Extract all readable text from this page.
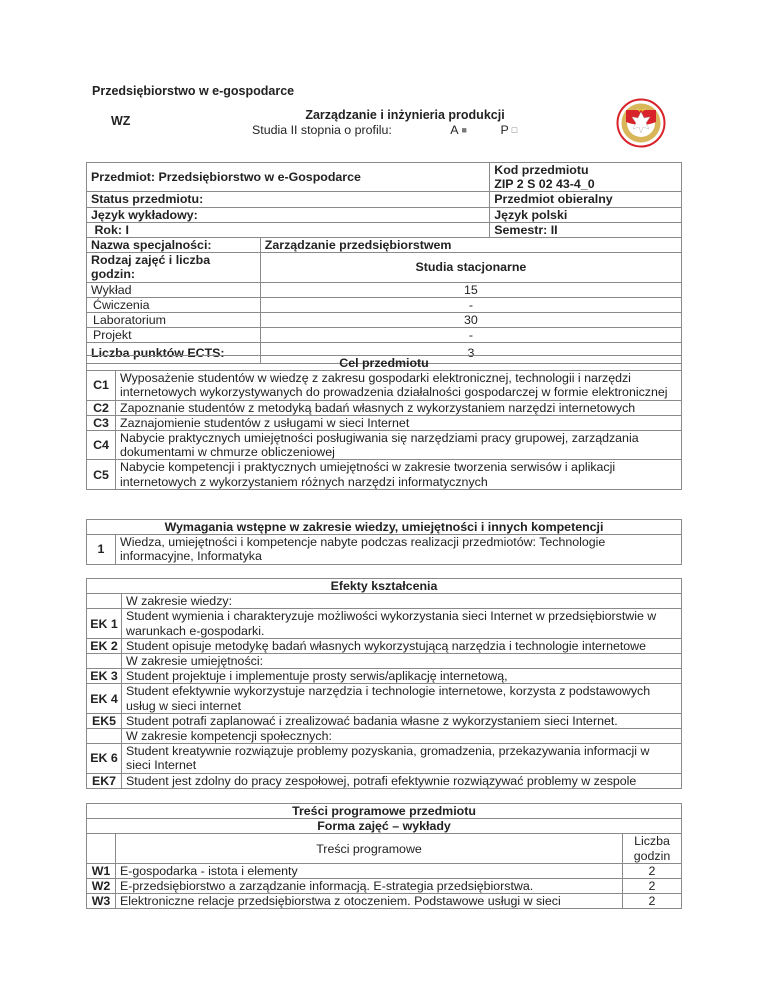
Przedsiębiorstwo w e-gospodarce
WZ	Zarządzanie i inżynieria produkcji
Studia II stopnia o profilu:	A ■	P □
Przedmiot: Przedsiębiorstwo w e-Gospodarce		Kod przedmiotu
ZIP 2 S 02 43-4_0

Status przedmiotu:		Przedmiot obieralny
Język wykładowy:		Język polski
Rok: I		Semestr: II
Nazwa specjalności:	Zarządzanie przedsiębiorstwem	
Rodzaj zajęć i liczba godzin:	Studia stacjonarne	
Wykład	15	
Ćwiczenia	-	
Laboratorium	30	
Projekt	-	
Liczba punktów ECTS:	3	
Cel przedmiotu	
C1	Wyposażenie studentów w wiedzę z zakresu gospodarki elektronicznej, technologii i narzędzi internetowych wykorzystywanych do prowadzenia działalności gospodarczej w formie elektronicznej
C2	Zapoznanie studentów z metodyką badań własnych z wykorzystaniem narzędzi internetowych
C3	Zaznajomienie studentów z usługami w sieci Internet
C4	Nabycie praktycznych umiejętności posługiwania się narzędziami pracy grupowej, zarządzania dokumentami w chmurze obliczeniowej
C5	Nabycie kompetencji i praktycznych umiejętności w zakresie tworzenia serwisów i aplikacji internetowych z wykorzystaniem różnych narzędzi informatycznych
Wymagania wstępne w zakresie wiedzy, umiejętności i innych kompetencji
1	Wiedza, umiejętności i kompetencje nabyte podczas realizacji przedmiotów: Technologie informacyjne, Informatyka
Efekty kształcenia	
	W zakresie wiedzy:
EK 1	Student wymienia i charakteryzuje możliwości wykorzystania sieci Internet w przedsiębiorstwie w warunkach e-gospodarki.
EK 2	Student opisuje metodykę badań własnych wykorzystującą narzędzia i technologie internetowe
	W zakresie umiejętności:
EK 3	Student projektuje i implementuje prosty serwis/aplikację internetową,
EK 4	Student efektywnie wykorzystuje narzędzia i technologie internetowe, korzysta z podstawowych usług w sieci internet
EK5	Student potrafi zaplanować i zrealizować badania własne z wykorzystaniem sieci Internet.
	W zakresie kompetencji społecznych:
EK 6	Student kreatywnie rozwiązuje problemy pozyskania, gromadzenia, przekazywania informacji w sieci Internet
EK7	Student jest zdolny do pracy zespołowej, potrafi efektywnie rozwiązywać problemy w zespole
Treści programowe przedmiotu		
Forma zajęć – wykłady		
	Treści programowe	Liczba godzin
W1	E-gospodarka - istota i elementy	2
W2	E-przedsiębiorstwo a zarządzanie informacją. E-strategia przedsiębiorstwa.	2
W3	Elektroniczne relacje przedsiębiorstwa z otoczeniem. Podstawowe usługi w sieci	2
